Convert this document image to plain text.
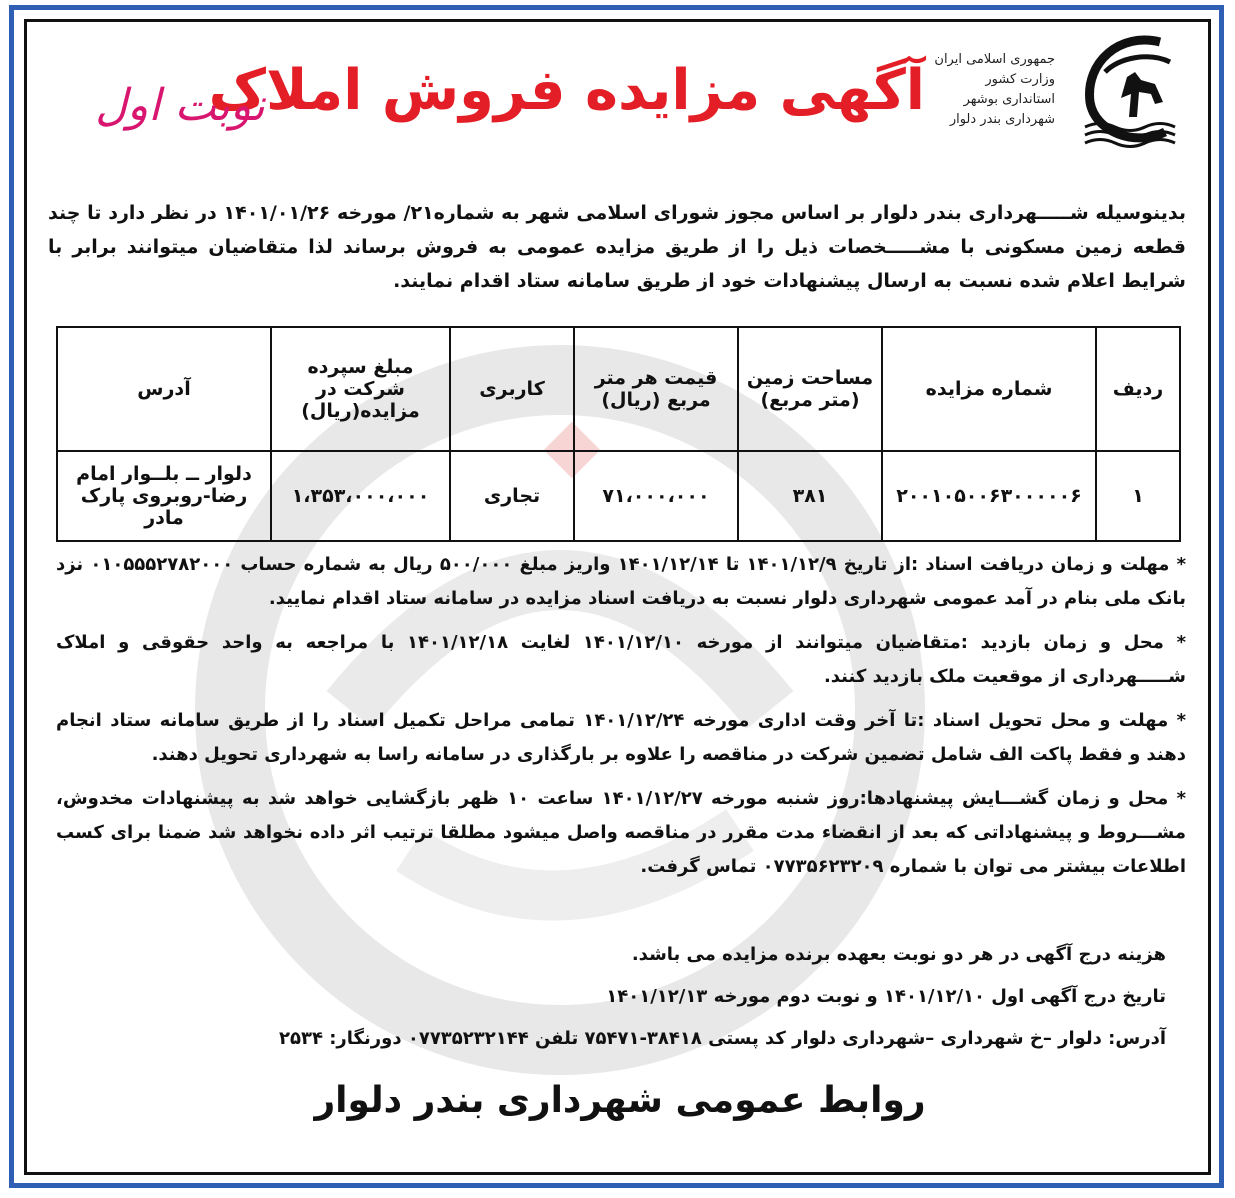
جمهوری اسلامی ایران
وزارت کشور
استانداری بوشهر
شهرداری بندر دلوار
آگهی مزایده فروش املاک
نوبت اول
بدینوسیله شـــــهرداری بندر دلوار بر اساس مجوز شورای اسلامی شهر به شماره۲۱/ مورخه ۱۴۰۱/۰۱/۲۶ در نظر دارد تا چند قطعه زمین مسکونی با مشـــــخصات ذیل را از طریق مزایده عمومی به فروش برساند لذا متقاضیان میتوانند برابر با شرایط اعلام شده نسبت به ارسال پیشنهادات خود از طریق سامانه ستاد اقدام نمایند.
ردیف	شماره مزایده	مساحت زمین (متر مربع)	قیمت هر متر مربع (ریال)	کاربری	مبلغ سپرده شرکت در مزایده(ریال)	آدرس
۱	۲۰۰۱۰۵۰۰۶۳۰۰۰۰۰۶	۳۸۱	۷۱،۰۰۰،۰۰۰	تجاری	۱،۳۵۳،۰۰۰،۰۰۰	دلوار ــ بلــوار امام رضا-روبروی پارک مادر

* مهلت و زمان دریافت اسناد :از تاریخ ۱۴۰۱/۱۲/۹ تا ۱۴۰۱/۱۲/۱۴ واریز مبلغ ۵۰۰/۰۰۰ ریال به شماره حساب ۰۱۰۵۵۵۲۷۸۲۰۰۰ نزد بانک ملی بنام در آمد عمومی شهرداری دلوار نسبت به دریافت اسناد مزایده در سامانه ستاد اقدام نمایید.

* محل و زمان بازدید :متقاضیان میتوانند از مورخه ۱۴۰۱/۱۲/۱۰ لغایت ۱۴۰۱/۱۲/۱۸ با مراجعه به واحد حقوقی و املاک شـــــهرداری از موقعیت ملک بازدید کنند.

* مهلت و محل تحویل اسناد :تا آخر وقت اداری مورخه ۱۴۰۱/۱۲/۲۴ تمامی مراحل تکمیل اسناد را از طریق سامانه ستاد انجام دهند و فقط پاکت الف شامل تضمین شرکت در مناقصه را علاوه بر بارگذاری در سامانه راسا به شهرداری تحویل دهند.

* محل و زمان گشـــایش پیشنهادها:روز شنبه مورخه ۱۴۰۱/۱۲/۲۷ ساعت ۱۰ ظهر بازگشایی خواهد شد به پیشنهادات مخدوش، مشـــروط و پیشنهاداتی که بعد از انقضاء مدت مقرر در مناقصه واصل میشود مطلقا ترتیب اثر داده نخواهد شد ضمنا برای کسب اطلاعات بیشتر می توان با شماره ۰۷۷۳۵۶۲۳۲۰۹ تماس گرفت.

هزینه درج آگهی در هر دو نوبت بعهده برنده مزایده می باشد.
تاریخ درج آگهی اول ۱۴۰۱/۱۲/۱۰ و نوبت دوم مورخه ۱۴۰۱/۱۲/۱۳
آدرس: دلوار –خ شهرداری –شهرداری دلوار کد پستی ۳۸۴۱۸-۷۵۴۷۱ تلفن ۰۷۷۳۵۲۳۲۱۴۴ دورنگار: ۲۵۳۴
روابط عمومی شهرداری بندر دلوار
